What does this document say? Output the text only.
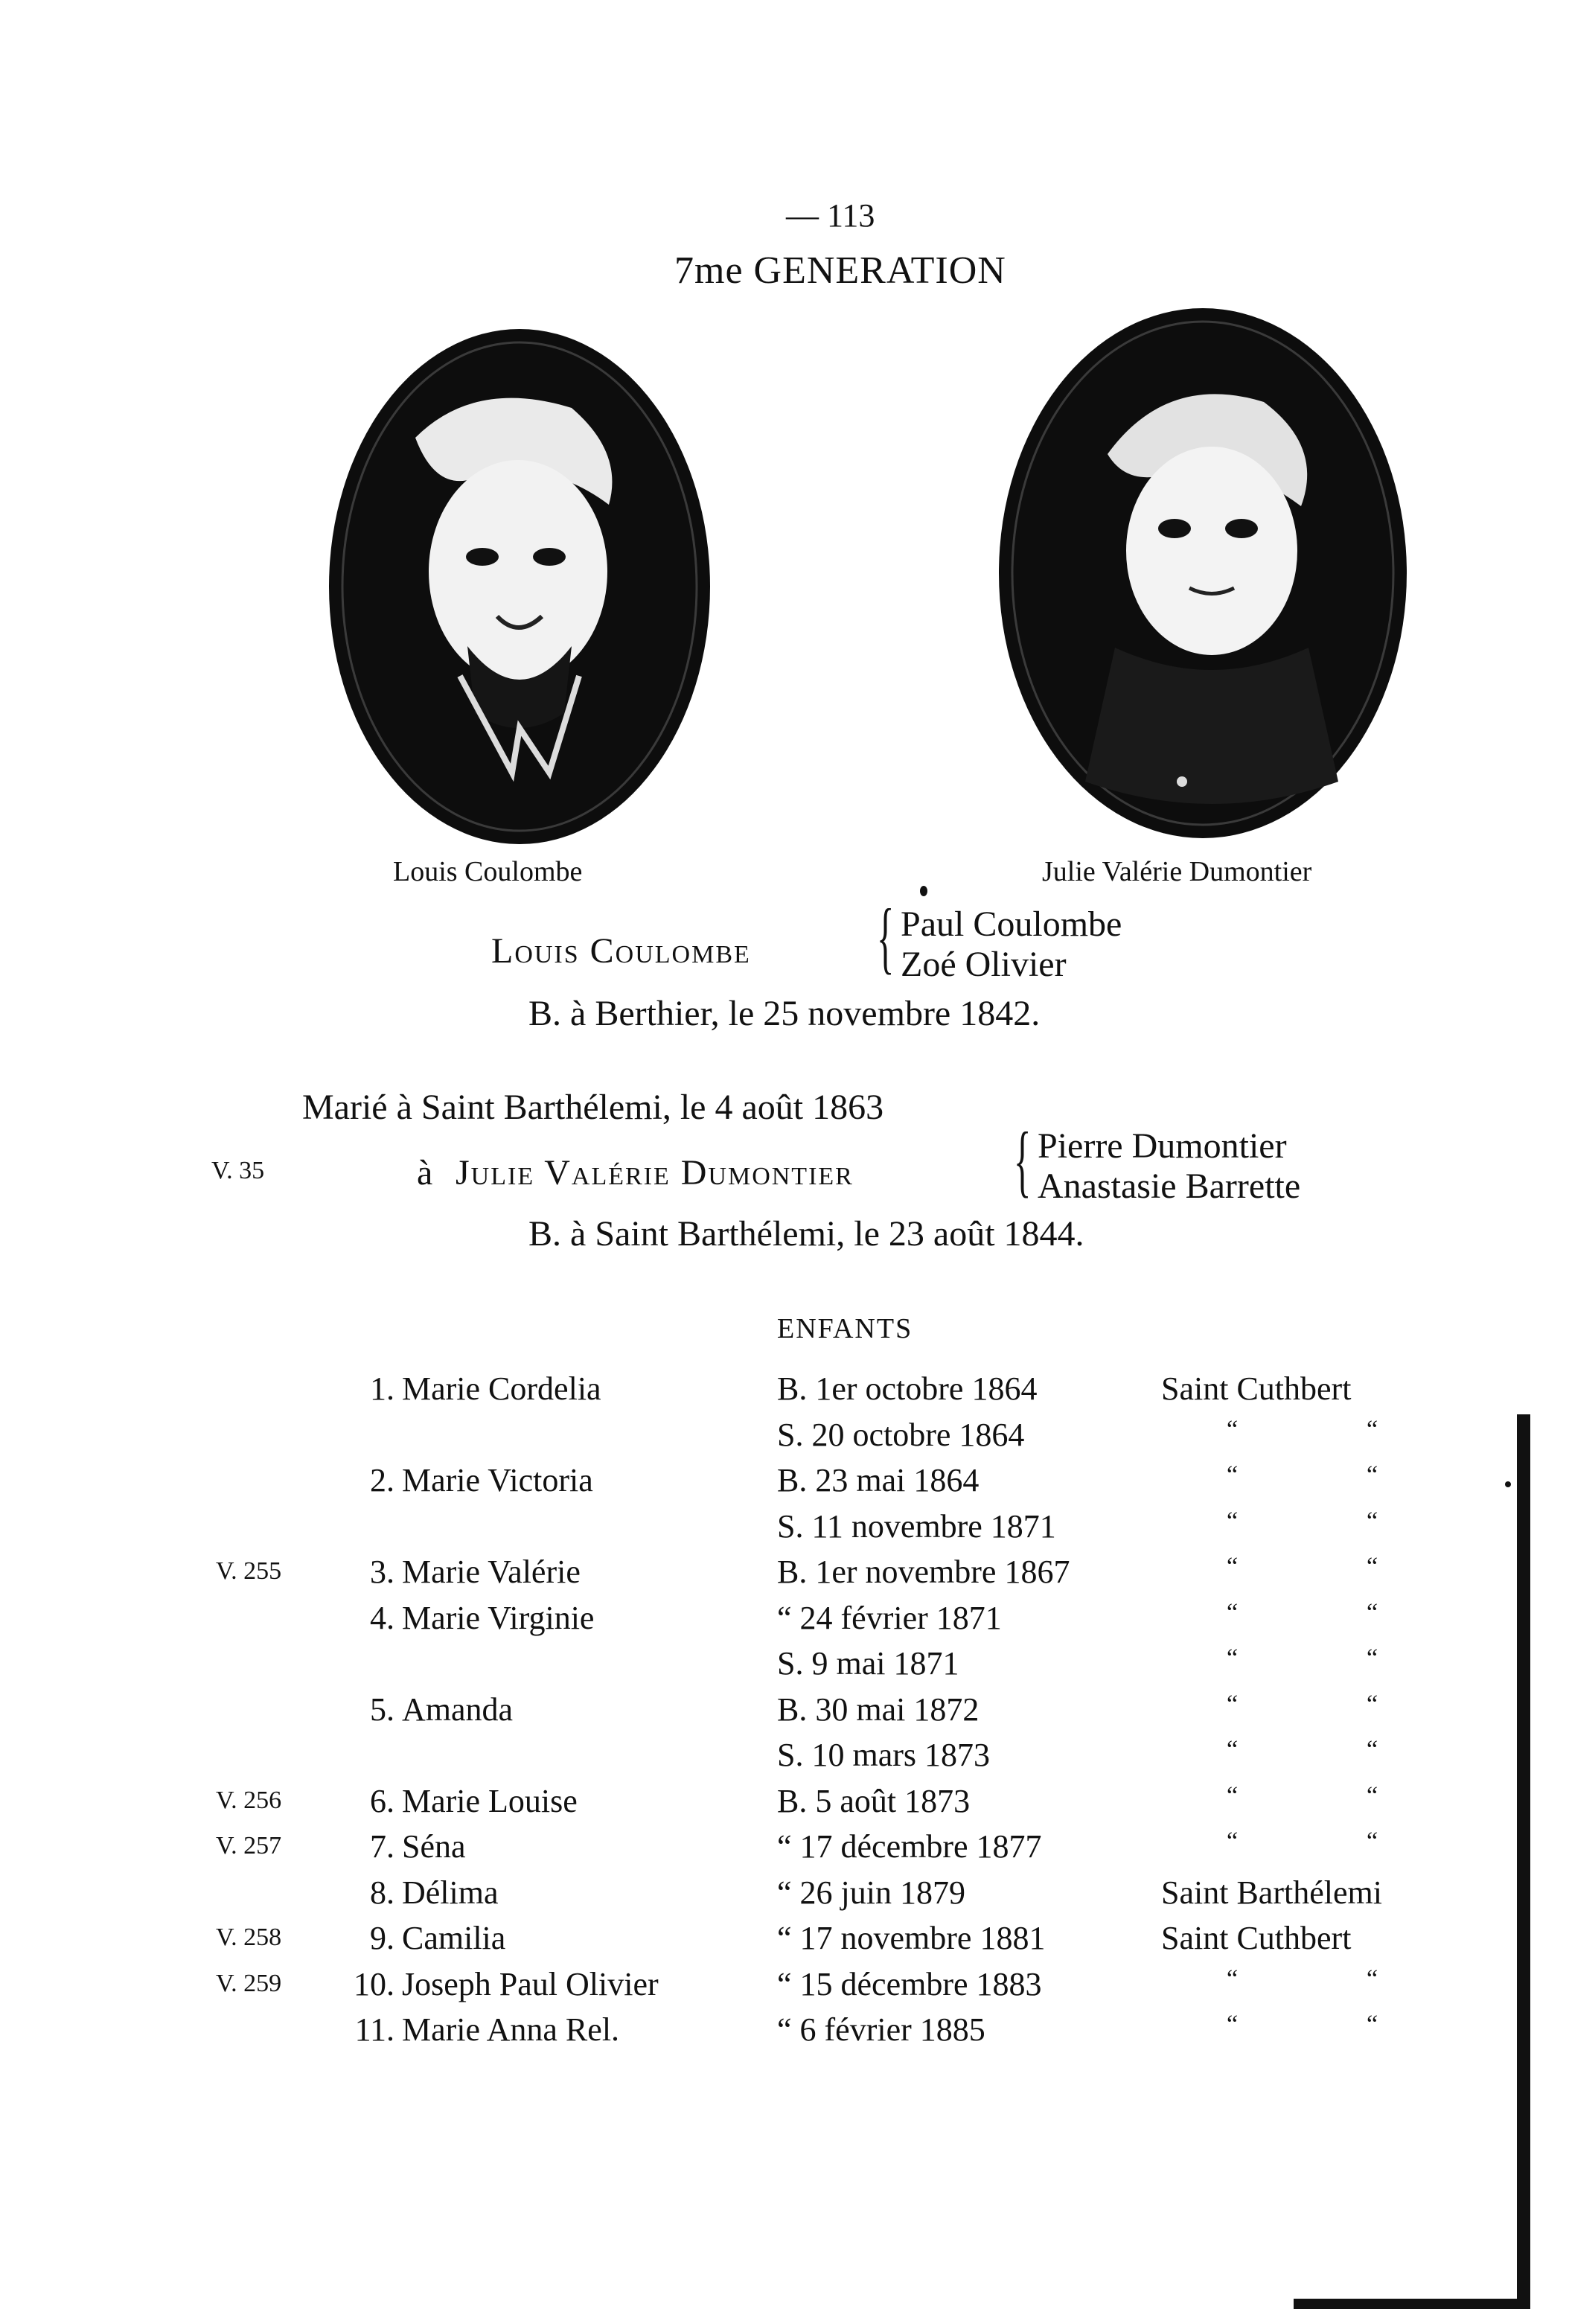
— 113
7me GENERATION
Louis Coulombe	Julie Valérie Dumontier
Louis Coulombe { Paul Coulombe
Zoé Olivier
B. à Berthier, le 25 novembre 1842.
Marié à Saint Barthélemi, le 4 août 1863
V. 35	à Julie Valérie Dumontier { Pierre Dumontier
Anastasie Barrette
B. à Saint Barthélemi, le 23 août 1844.
ENFANTS
1. Marie Cordelia	B. 1er octobre 1864	Saint Cuthbert
S. 20 octobre 1864	“	“
2. Marie Victoria	B. 23 mai 1864	“	“
S. 11 novembre 1871	“	“
V. 255	3. Marie Valérie	B. 1er novembre 1867	“	“
4. Marie Virginie	“ 24 février 1871	“	“
S. 9 mai 1871	“	“
5. Amanda	B. 30 mai 1872	“	“
S. 10 mars 1873	“	“
V. 256	6. Marie Louise	B. 5 août 1873	“	“
V. 257	7. Séna	“ 17 décembre 1877	“	“
8. Délima	“ 26 juin 1879	Saint Barthélemi
V. 258	9. Camilia	“ 17 novembre 1881	Saint Cuthbert
V. 259	10. Joseph Paul Olivier	“ 15 décembre 1883	“	“
11. Marie Anna Rel.	“ 6 février 1885	“	“
